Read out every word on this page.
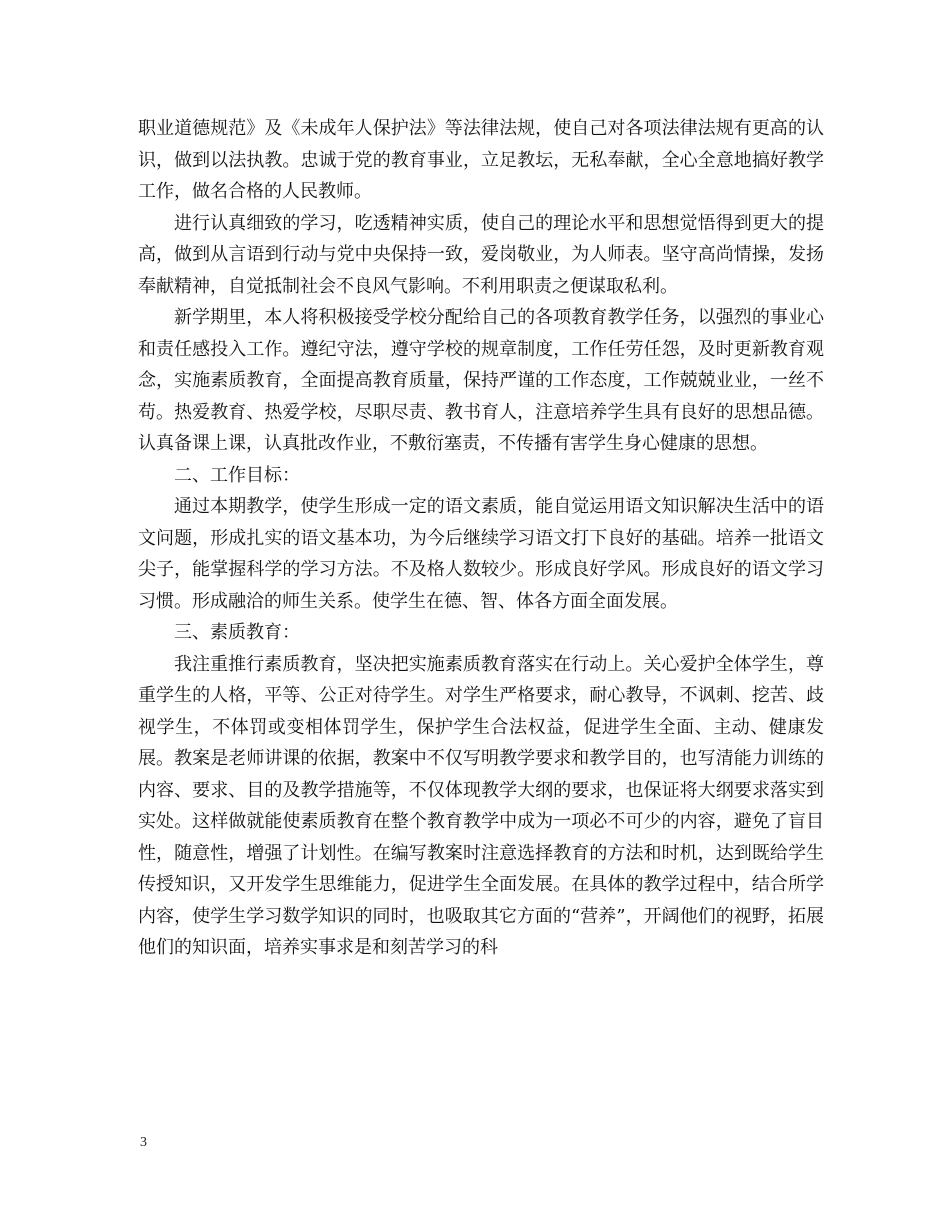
职业道德规范》及《未成年人保护法》等法律法规，使自己对各项法律法规有更高的认识，做到以法执教。忠诚于党的教育事业，立足教坛，无私奉献，全心全意地搞好教学工作，做名合格的人民教师。

进行认真细致的学习，吃透精神实质，使自己的理论水平和思想觉悟得到更大的提高，做到从言语到行动与党中央保持一致，爱岗敬业，为人师表。坚守高尚情操，发扬奉献精神，自觉抵制社会不良风气影响。不利用职责之便谋取私利。

新学期里，本人将积极接受学校分配给自己的各项教育教学任务，以强烈的事业心和责任感投入工作。遵纪守法，遵守学校的规章制度，工作任劳任怨，及时更新教育观念，实施素质教育，全面提高教育质量，保持严谨的工作态度，工作兢兢业业，一丝不苟。热爱教育、热爱学校，尽职尽责、教书育人，注意培养学生具有良好的思想品德。认真备课上课，认真批改作业，不敷衍塞责，不传播有害学生身心健康的思想。

二、工作目标：

通过本期教学，使学生形成一定的语文素质，能自觉运用语文知识解决生活中的语文问题，形成扎实的语文基本功，为今后继续学习语文打下良好的基础。培养一批语文尖子，能掌握科学的学习方法。不及格人数较少。形成良好学风。形成良好的语文学习习惯。形成融洽的师生关系。使学生在德、智、体各方面全面发展。

三、素质教育：

我注重推行素质教育，坚决把实施素质教育落实在行动上。关心爱护全体学生，尊重学生的人格，平等、公正对待学生。对学生严格要求，耐心教导，不讽刺、挖苦、歧视学生，不体罚或变相体罚学生，保护学生合法权益，促进学生全面、主动、健康发展。教案是老师讲课的依据，教案中不仅写明教学要求和教学目的，也写清能力训练的内容、要求、目的及教学措施等，不仅体现教学大纲的要求，也保证将大纲要求落实到实处。这样做就能使素质教育在整个教育教学中成为一项必不可少的内容，避免了盲目性，随意性，增强了计划性。在编写教案时注意选择教育的方法和时机，达到既给学生传授知识，又开发学生思维能力，促进学生全面发展。在具体的教学过程中，结合所学内容，使学生学习数学知识的同时，也吸取其它方面的“营养”，开阔他们的视野，拓展他们的知识面，培养实事求是和刻苦学习的科

3
